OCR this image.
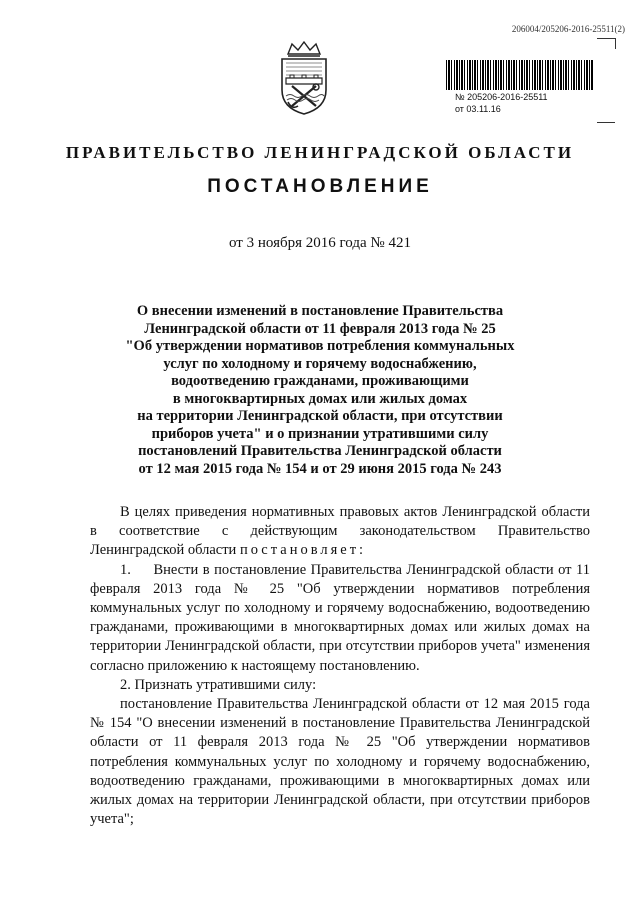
206004/205206-2016-25511(2)
№ 205206-2016-25511
от 03.11.16
ПРАВИТЕЛЬСТВО ЛЕНИНГРАДСКОЙ ОБЛАСТИ
ПОСТАНОВЛЕНИЕ
от 3 ноября 2016 года № 421
О внесении изменений в постановление Правительства
Ленинградской области от 11 февраля 2013 года № 25
"Об утверждении нормативов потребления коммунальных
услуг по холодному и горячему водоснабжению,
водоотведению гражданами, проживающими
в многоквартирных домах или жилых домах
на территории Ленинградской области, при отсутствии
приборов учета" и о признании утратившими силу
постановлений Правительства Ленинградской области
от 12 мая 2015 года № 154 и от 29 июня 2015 года № 243
В целях приведения нормативных правовых актов Ленинградской области в соответствие с действующим законодательством Правительство Ленинградской области постановляет:
1.     Внести в постановление Правительства Ленинградской области от 11 февраля 2013 года № 25 "Об утверждении нормативов потребления коммунальных услуг по холодному и горячему водоснабжению, водоотведению гражданами, проживающими в многоквартирных домах или жилых домах на территории Ленинградской области, при отсутствии приборов учета" изменения согласно приложению к настоящему постановлению.
2. Признать утратившими силу:
постановление Правительства Ленинградской области от 12 мая 2015 года № 154 "О внесении изменений в постановление Правительства Ленинградской области от 11 февраля 2013 года № 25 "Об утверждении нормативов потребления коммунальных услуг по холодному и горячему водоснабжению, водоотведению гражданами, проживающими в многоквартирных домах или жилых домах на территории Ленинградской области, при отсутствии приборов учета";
